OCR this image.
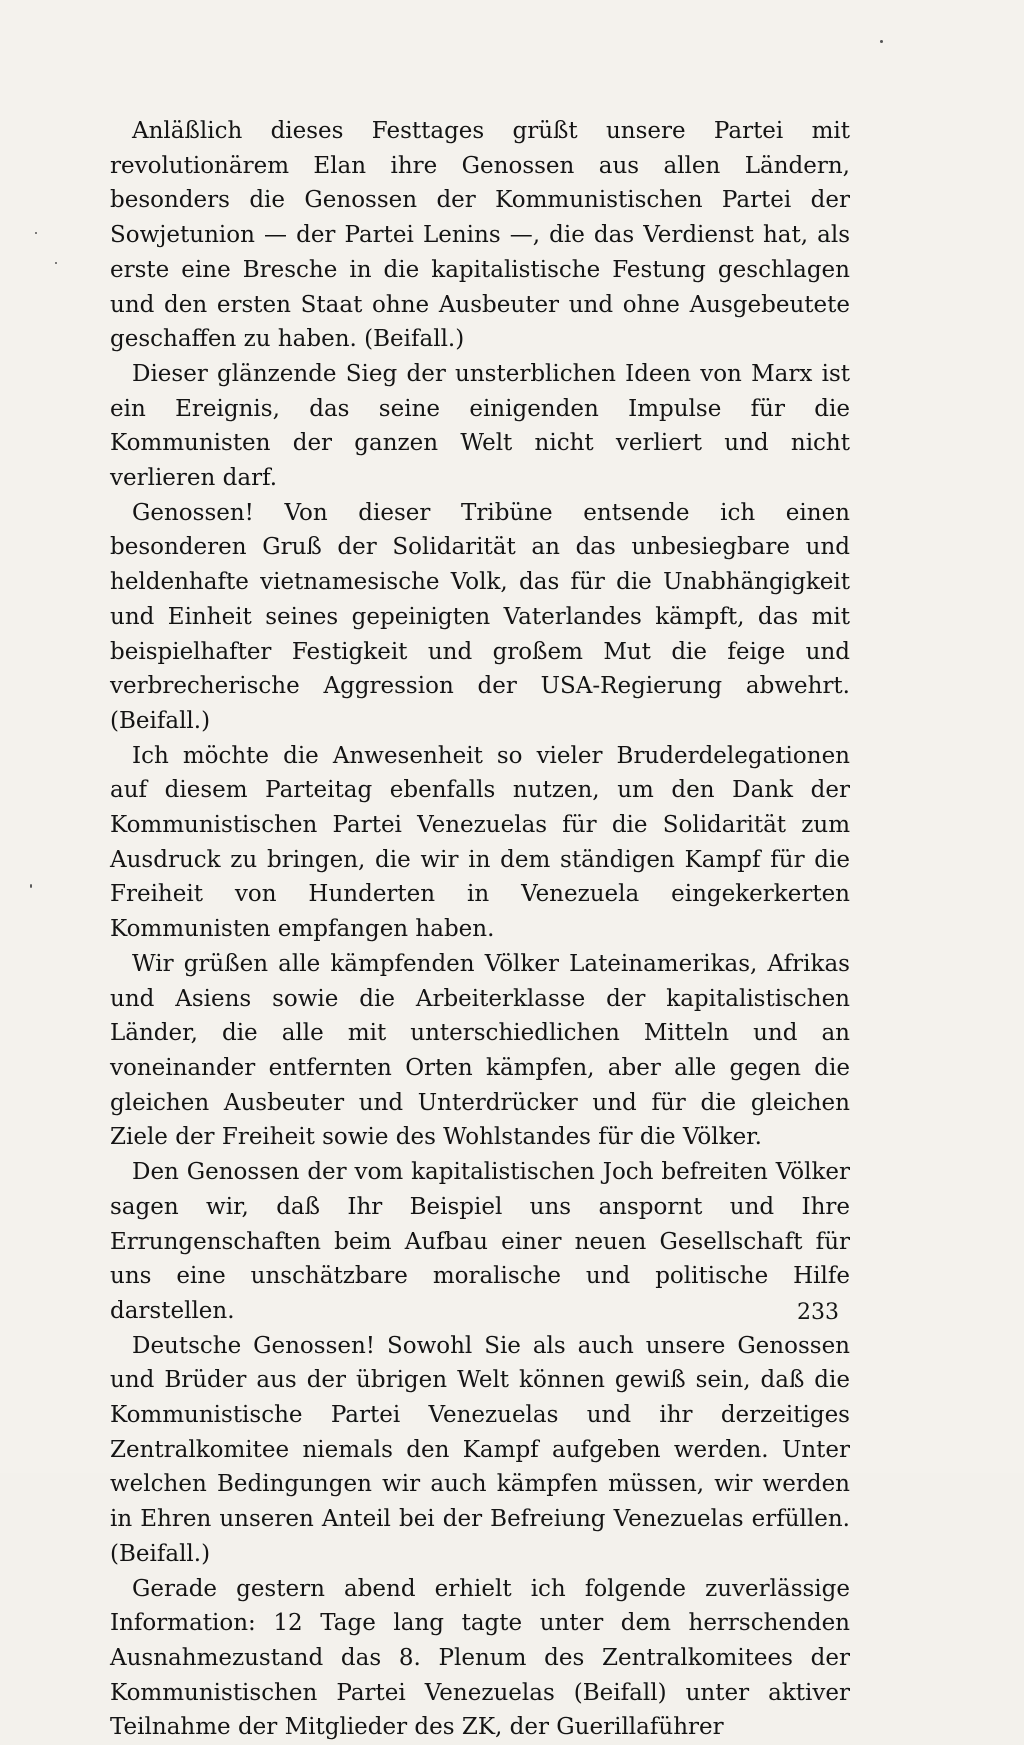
Anläßlich dieses Festtages grüßt unsere Partei mit revolutionärem Elan ihre Genossen aus allen Ländern, besonders die Genossen der Kommunistischen Partei der Sowjetunion — der Partei Lenins —, die das Verdienst hat, als erste eine Bresche in die kapitalistische Festung geschlagen und den ersten Staat ohne Ausbeuter und ohne Ausgebeutete geschaffen zu haben. (Beifall.)

Dieser glänzende Sieg der unsterblichen Ideen von Marx ist ein Ereignis, das seine einigenden Impulse für die Kommunisten der ganzen Welt nicht verliert und nicht verlieren darf.

Genossen! Von dieser Tribüne entsende ich einen besonderen Gruß der Solidarität an das unbesiegbare und heldenhafte vietnamesische Volk, das für die Unabhängigkeit und Einheit seines gepeinigten Vaterlandes kämpft, das mit beispielhafter Festigkeit und großem Mut die feige und verbrecherische Aggression der USA-Regierung abwehrt. (Beifall.)

Ich möchte die Anwesenheit so vieler Bruderdelegationen auf diesem Parteitag ebenfalls nutzen, um den Dank der Kommunistischen Partei Venezuelas für die Solidarität zum Ausdruck zu bringen, die wir in dem ständigen Kampf für die Freiheit von Hunderten in Venezuela eingekerkerten Kommunisten empfangen haben.

Wir grüßen alle kämpfenden Völker Lateinamerikas, Afrikas und Asiens sowie die Arbeiterklasse der kapitalistischen Länder, die alle mit unterschiedlichen Mitteln und an voneinander entfernten Orten kämpfen, aber alle gegen die gleichen Ausbeuter und Unterdrücker und für die gleichen Ziele der Freiheit sowie des Wohlstandes für die Völker.

Den Genossen der vom kapitalistischen Joch befreiten Völker sagen wir, daß Ihr Beispiel uns anspornt und Ihre Errungenschaften beim Aufbau einer neuen Gesellschaft für uns eine unschätzbare moralische und politische Hilfe darstellen.

Deutsche Genossen! Sowohl Sie als auch unsere Genossen und Brüder aus der übrigen Welt können gewiß sein, daß die Kommunistische Partei Venezuelas und ihr derzeitiges Zentralkomitee niemals den Kampf aufgeben werden. Unter welchen Bedingungen wir auch kämpfen müssen, wir werden in Ehren unseren Anteil bei der Befreiung Venezuelas erfüllen. (Beifall.)

Gerade gestern abend erhielt ich folgende zuverlässige Information: 12 Tage lang tagte unter dem herrschenden Ausnahmezustand das 8. Plenum des Zentralkomitees der Kommunistischen Partei Venezuelas (Beifall) unter aktiver Teilnahme der Mitglieder des ZK, der Guerillaführer

233
